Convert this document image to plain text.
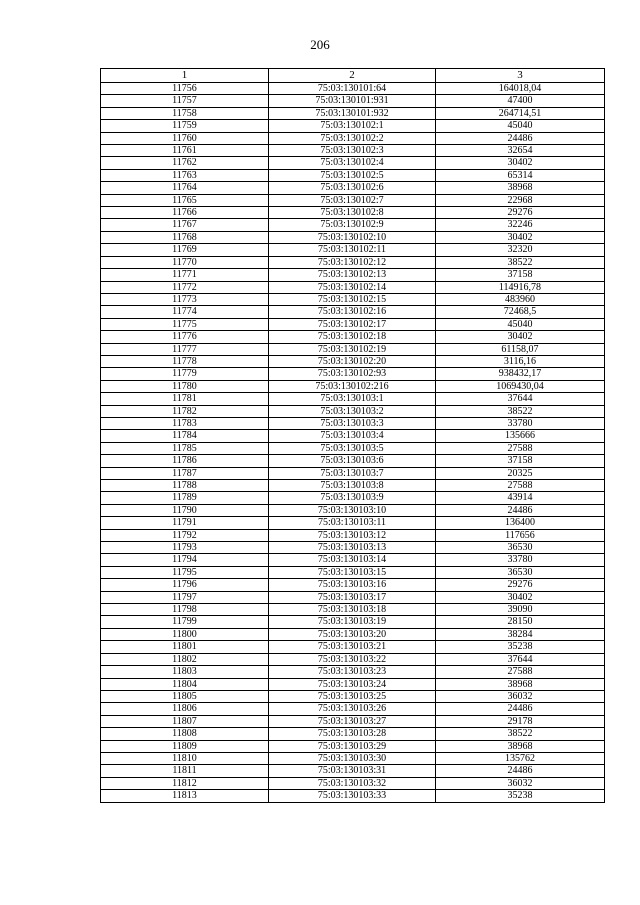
206
1	2	3
11756	75:03:130101:64	164018,04
11757	75:03:130101:931	47400
11758	75:03:130101:932	264714,51
11759	75:03:130102:1	45040
11760	75:03:130102:2	24486
11761	75:03:130102:3	32654
11762	75:03:130102:4	30402
11763	75:03:130102:5	65314
11764	75:03:130102:6	38968
11765	75:03:130102:7	22968
11766	75:03:130102:8	29276
11767	75:03:130102:9	32246
11768	75:03:130102:10	30402
11769	75:03:130102:11	32320
11770	75:03:130102:12	38522
11771	75:03:130102:13	37158
11772	75:03:130102:14	114916,78
11773	75:03:130102:15	483960
11774	75:03:130102:16	72468,5
11775	75:03:130102:17	45040
11776	75:03:130102:18	30402
11777	75:03:130102:19	61158,07
11778	75:03:130102:20	3116,16
11779	75:03:130102:93	938432,17
11780	75:03:130102:216	1069430,04
11781	75:03:130103:1	37644
11782	75:03:130103:2	38522
11783	75:03:130103:3	33780
11784	75:03:130103:4	135666
11785	75:03:130103:5	27588
11786	75:03:130103:6	37158
11787	75:03:130103:7	20325
11788	75:03:130103:8	27588
11789	75:03:130103:9	43914
11790	75:03:130103:10	24486
11791	75:03:130103:11	136400
11792	75:03:130103:12	117656
11793	75:03:130103:13	36530
11794	75:03:130103:14	33780
11795	75:03:130103:15	36530
11796	75:03:130103:16	29276
11797	75:03:130103:17	30402
11798	75:03:130103:18	39090
11799	75:03:130103:19	28150
11800	75:03:130103:20	38284
11801	75:03:130103:21	35238
11802	75:03:130103:22	37644
11803	75:03:130103:23	27588
11804	75:03:130103:24	38968
11805	75:03:130103:25	36032
11806	75:03:130103:26	24486
11807	75:03:130103:27	29178
11808	75:03:130103:28	38522
11809	75:03:130103:29	38968
11810	75:03:130103:30	135762
11811	75:03:130103:31	24486
11812	75:03:130103:32	36032
11813	75:03:130103:33	35238
